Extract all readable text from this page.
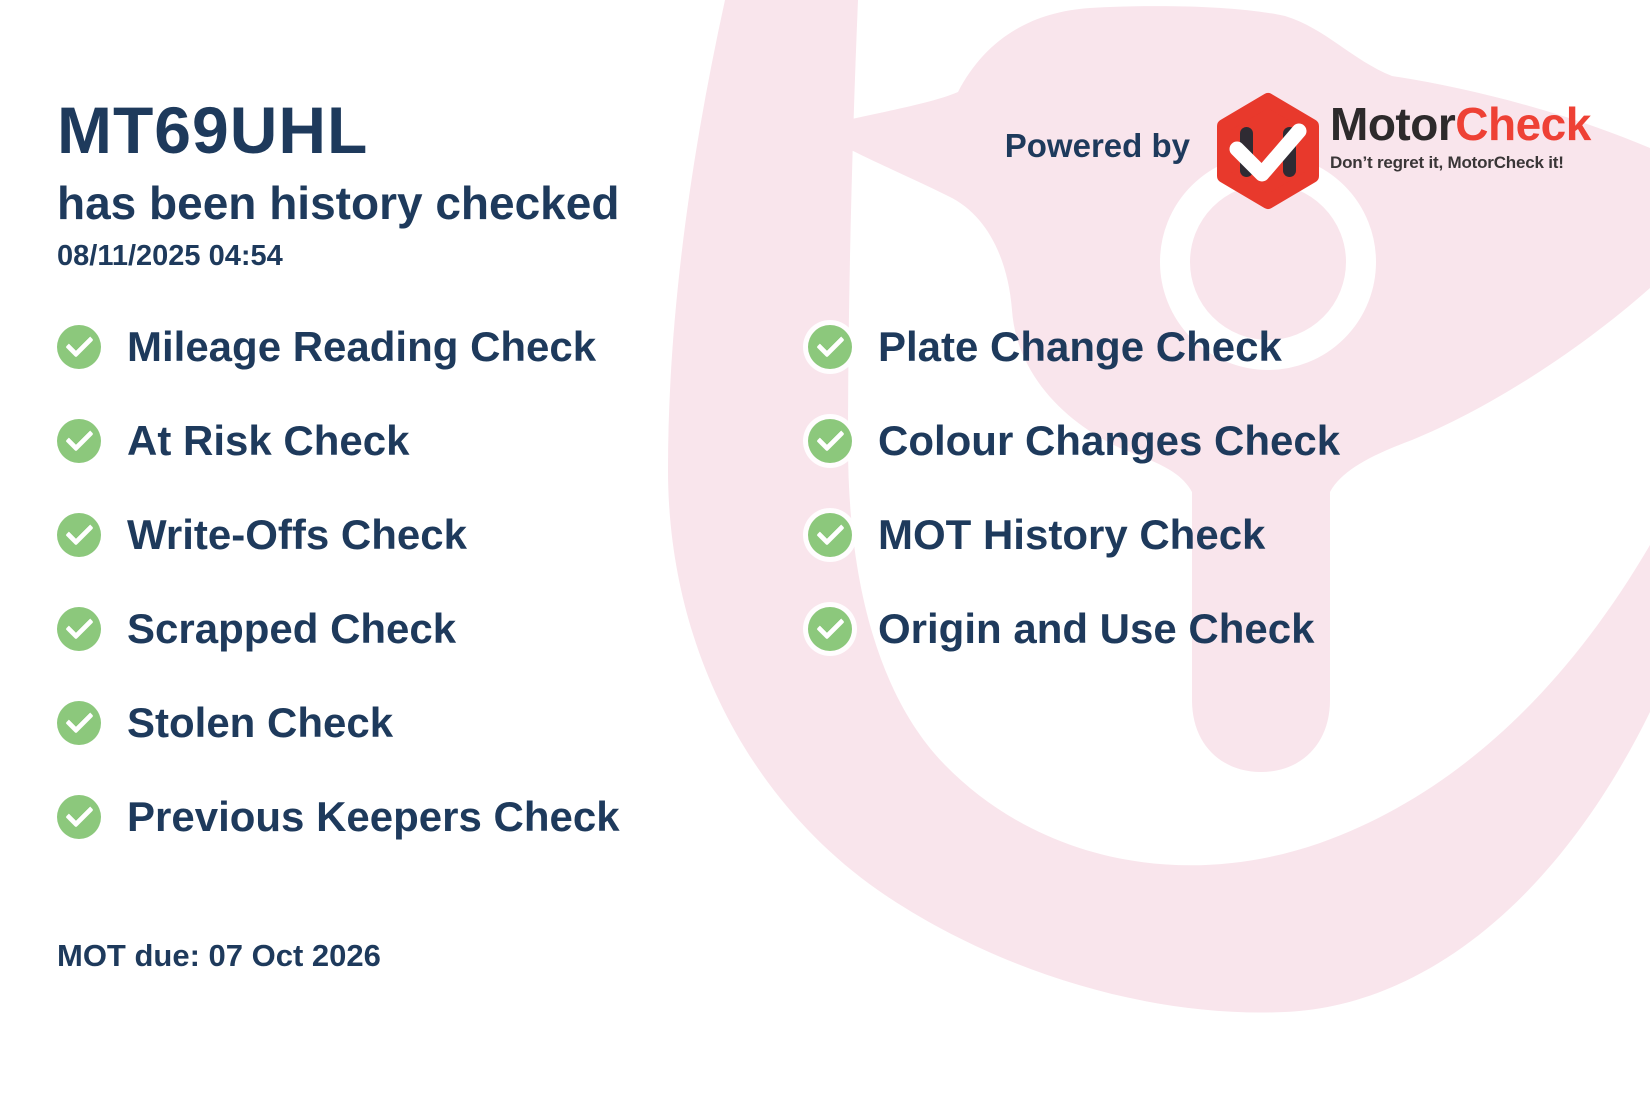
MT69UHL
has been history checked
08/11/2025 04:54
Powered by	MotorCheck
Don’t regret it, MotorCheck it!
Mileage Reading Check
At Risk Check
Write-Offs Check
Scrapped Check
Stolen Check
Previous Keepers Check
Plate Change Check
Colour Changes Check
MOT History Check
Origin and Use Check
MOT due: 07 Oct 2026
